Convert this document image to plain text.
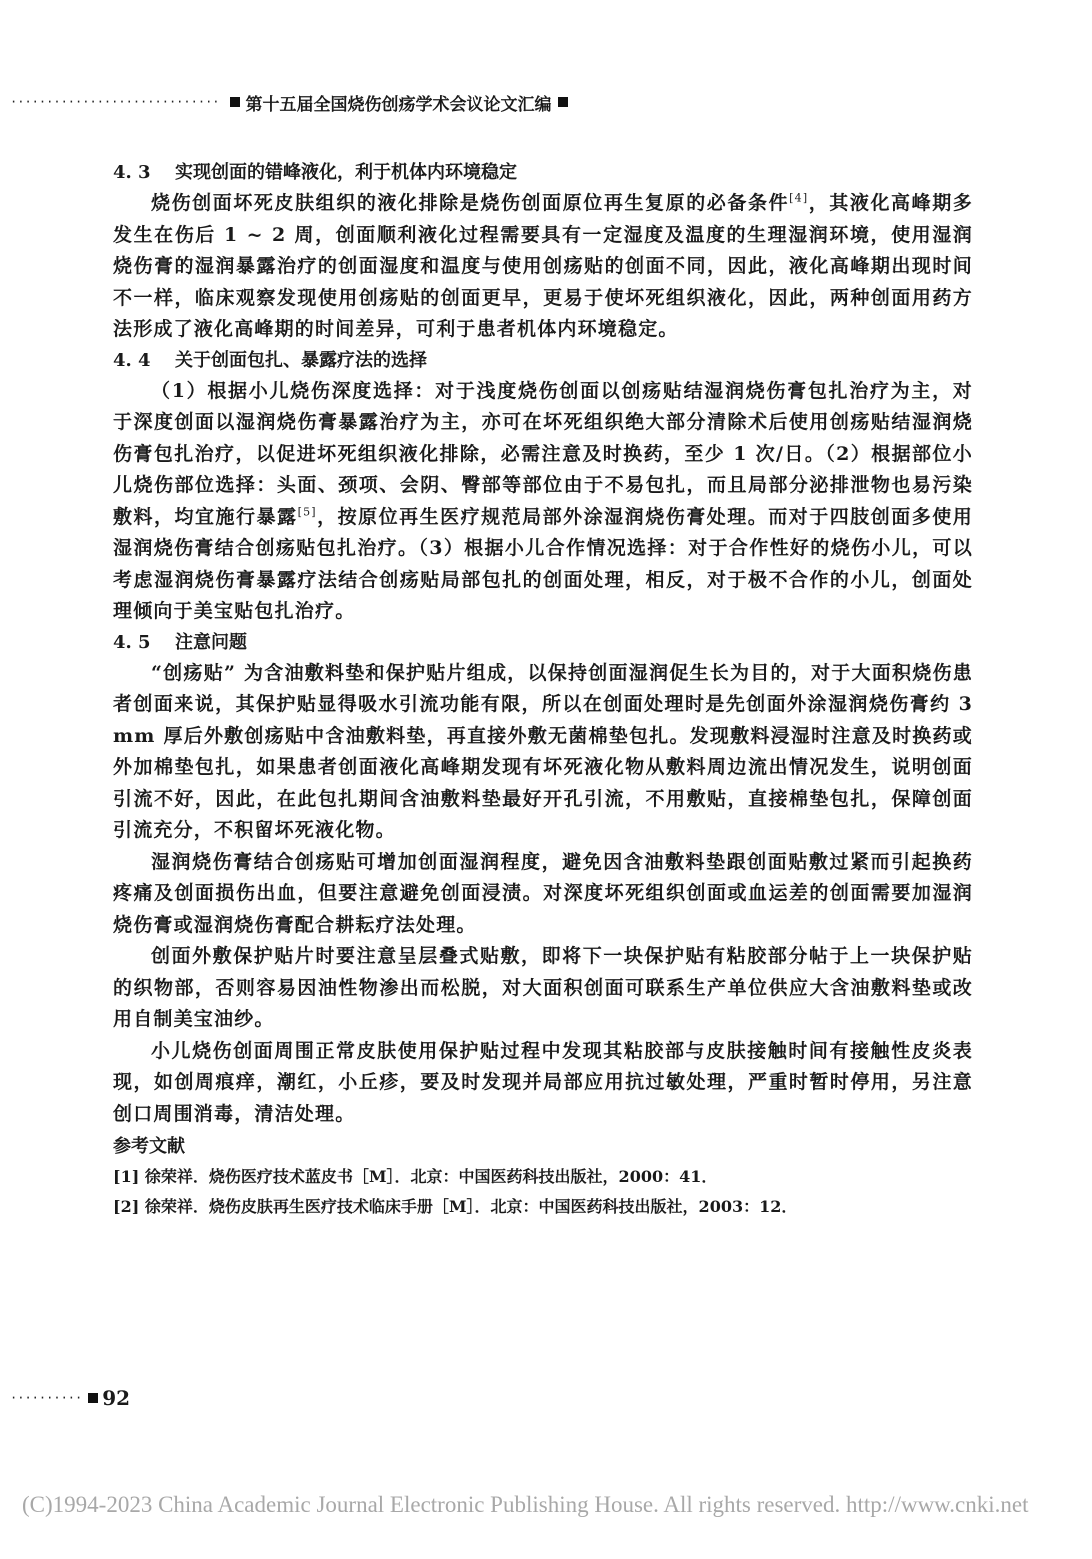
····························· 第十五届全国烧伤创疡学术会议论文汇编
4. 3	实现创面的错峰液化，利于机体内环境稳定

烧伤创面坏死皮肤组织的液化排除是烧伤创面原位再生复原的必备条件[4]，其液化高峰期多发生在伤后 1 ~ 2 周，创面顺利液化过程需要具有一定湿度及温度的生理湿润环境，使用湿润烧伤膏的湿润暴露治疗的创面湿度和温度与使用创疡贴的创面不同，因此，液化高峰期出现时间不一样，临床观察发现使用创疡贴的创面更早，更易于使坏死组织液化，因此，两种创面用药方法形成了液化高峰期的时间差异，可利于患者机体内环境稳定。

4. 4	关于创面包扎、暴露疗法的选择

（1）根据小儿烧伤深度选择：对于浅度烧伤创面以创疡贴结湿润烧伤膏包扎治疗为主，对于深度创面以湿润烧伤膏暴露治疗为主，亦可在坏死组织绝大部分清除术后使用创疡贴结湿润烧伤膏包扎治疗，以促进坏死组织液化排除，必需注意及时换药，至少 1 次/日。（2）根据部位小儿烧伤部位选择：头面、颈项、会阴、臀部等部位由于不易包扎，而且局部分泌排泄物也易污染敷料，均宜施行暴露[5]，按原位再生医疗规范局部外涂湿润烧伤膏处理。而对于四肢创面多使用湿润烧伤膏结合创疡贴包扎治疗。（3）根据小儿合作情况选择：对于合作性好的烧伤小儿，可以考虑湿润烧伤膏暴露疗法结合创疡贴局部包扎的创面处理，相反，对于极不合作的小儿，创面处理倾向于美宝贴包扎治疗。

4. 5	注意问题

“创疡贴” 为含油敷料垫和保护贴片组成，以保持创面湿润促生长为目的，对于大面积烧伤患者创面来说，其保护贴显得吸水引流功能有限，所以在创面处理时是先创面外涂湿润烧伤膏约 3 mm 厚后外敷创疡贴中含油敷料垫，再直接外敷无菌棉垫包扎。发现敷料浸湿时注意及时换药或外加棉垫包扎，如果患者创面液化高峰期发现有坏死液化物从敷料周边流出情况发生，说明创面引流不好，因此，在此包扎期间含油敷料垫最好开孔引流，不用敷贴，直接棉垫包扎，保障创面引流充分，不积留坏死液化物。

湿润烧伤膏结合创疡贴可增加创面湿润程度，避免因含油敷料垫跟创面贴敷过紧而引起换药疼痛及创面损伤出血，但要注意避免创面浸渍。对深度坏死组织创面或血运差的创面需要加湿润烧伤膏或湿润烧伤膏配合耕耘疗法处理。

创面外敷保护贴片时要注意呈层叠式贴敷，即将下一块保护贴有粘胶部分帖于上一块保护贴的织物部，否则容易因油性物渗出而松脱，对大面积创面可联系生产单位供应大含油敷料垫或改用自制美宝油纱。

小儿烧伤创面周围正常皮肤使用保护贴过程中发现其粘胶部与皮肤接触时间有接触性皮炎表现，如创周痕痒，潮红，小丘疹，要及时发现并局部应用抗过敏处理，严重时暂时停用，另注意创口周围消毒，清洁处理。

参考文献

[1] 徐荣祥．烧伤医疗技术蓝皮书［M］．北京：中国医药科技出版社，2000：41．

[2] 徐荣祥．烧伤皮肤再生医疗技术临床手册［M］．北京：中国医药科技出版社，2003：12．

·········· 92
(C)1994-2023 China Academic Journal Electronic Publishing House. All rights reserved. http://www.cnki.net
